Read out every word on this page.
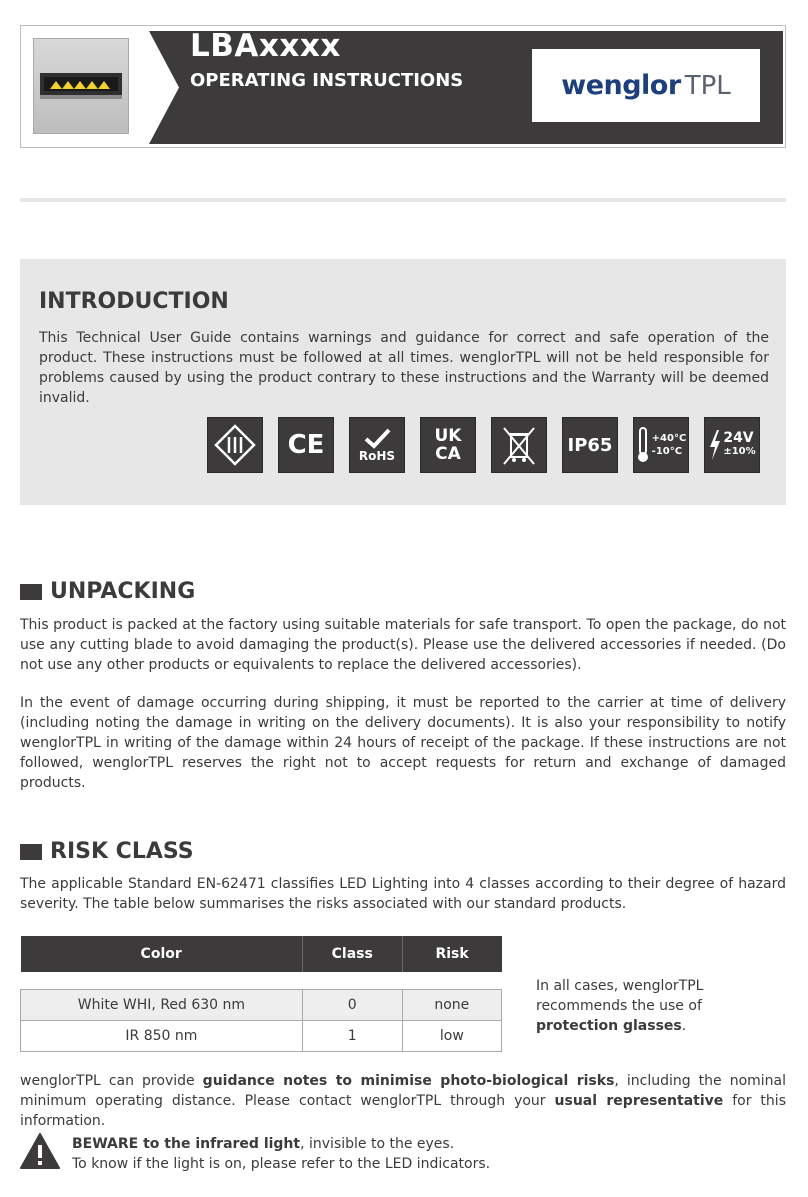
LBAxxxx
OPERATING INSTRUCTIONS	wenglor TPL
INTRODUCTION

This Technical User Guide contains warnings and guidance for correct and safe operation of the product. These instructions must be followed at all times. wenglorTPL will not be held responsible for problems caused by using the product contrary to these instructions and the Warranty will be deemed invalid.

CE	RoHS
UK
CA	IP65	+40°C
-10°C
24V
±10%
UNPACKING

This product is packed at the factory using suitable materials for safe transport. To open the package, do not use any cutting blade to avoid damaging the product(s). Please use the delivered accessories if needed. (Do not use any other products or equivalents to replace the delivered accessories).

In the event of damage occurring during shipping, it must be reported to the carrier at time of delivery (including noting the damage in writing on the delivery documents). It is also your responsibility to notify wenglorTPL in writing of the damage within 24 hours of receipt of the package. If these instructions are not followed, wenglorTPL reserves the right not to accept requests for return and exchange of damaged products.

RISK CLASS

The applicable Standard EN-62471 classifies LED Lighting into 4 classes according to their degree of hazard severity. The table below summarises the risks associated with our standard products.

Color	Class	Risk

White WHI, Red 630 nm	0	none
IR 850 nm	1	low

In all cases, wenglorTPL recommends the use of protection glasses.

wenglorTPL can provide guidance notes to minimise photo-biological risks, including the nominal minimum operating distance. Please contact wenglorTPL through your usual representative for this information.

BEWARE to the infrared light, invisible to the eyes.
To know if the light is on, please refer to the LED indicators.
